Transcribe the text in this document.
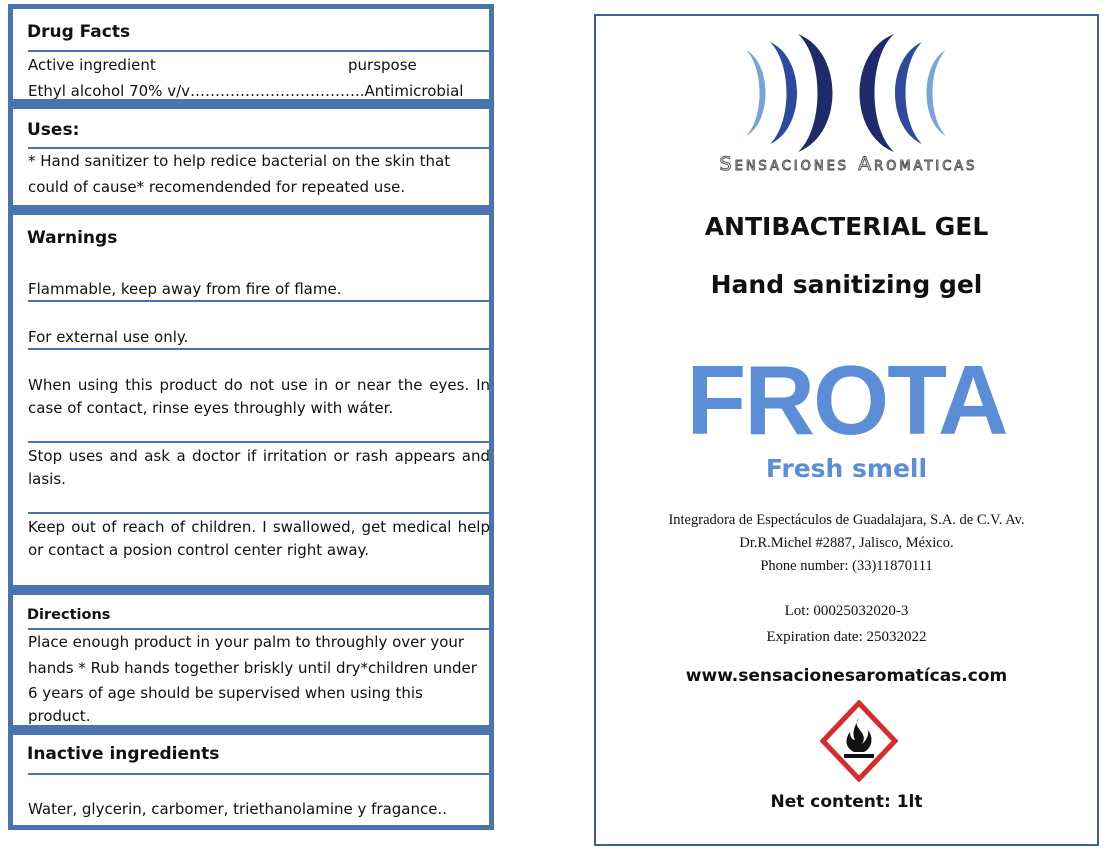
Drug Facts
Active ingredient	purspose
Ethyl alcohol 70% v/v……………………………..Antimicrobial
Uses:
* Hand sanitizer to help redice bacterial on the skin that
could of cause* recomendended for repeated use.
Warnings
Flammable, keep away from fire of flame.
For external use only.
When using this product do not use in or near the eyes. In case of contact, rinse eyes throughly with wáter.
Stop uses and ask a doctor if irritation or rash appears and lasis.
Keep out of reach of children. I swallowed, get medical help or contact a posion control center right away.
Directions
Place enough product in your palm to throughly over your
hands * Rub hands together briskly until dry*children under
6 years of age should be supervised when using this product.
Inactive ingredients
Water, glycerin, carbomer, triethanolamine y fragance..
Sensaciones Aromaticas
ANTIBACTERIAL GEL
Hand sanitizing gel
FROTA
Fresh smell
Integradora de Espectáculos de Guadalajara, S.A. de C.V. Av.
Dr.R.Michel #2887, Jalisco, México.
Phone number: (33)11870111
Lot: 00025032020-3
Expiration date: 25032022
www.sensacionesaromatícas.com
Net content: 1lt
